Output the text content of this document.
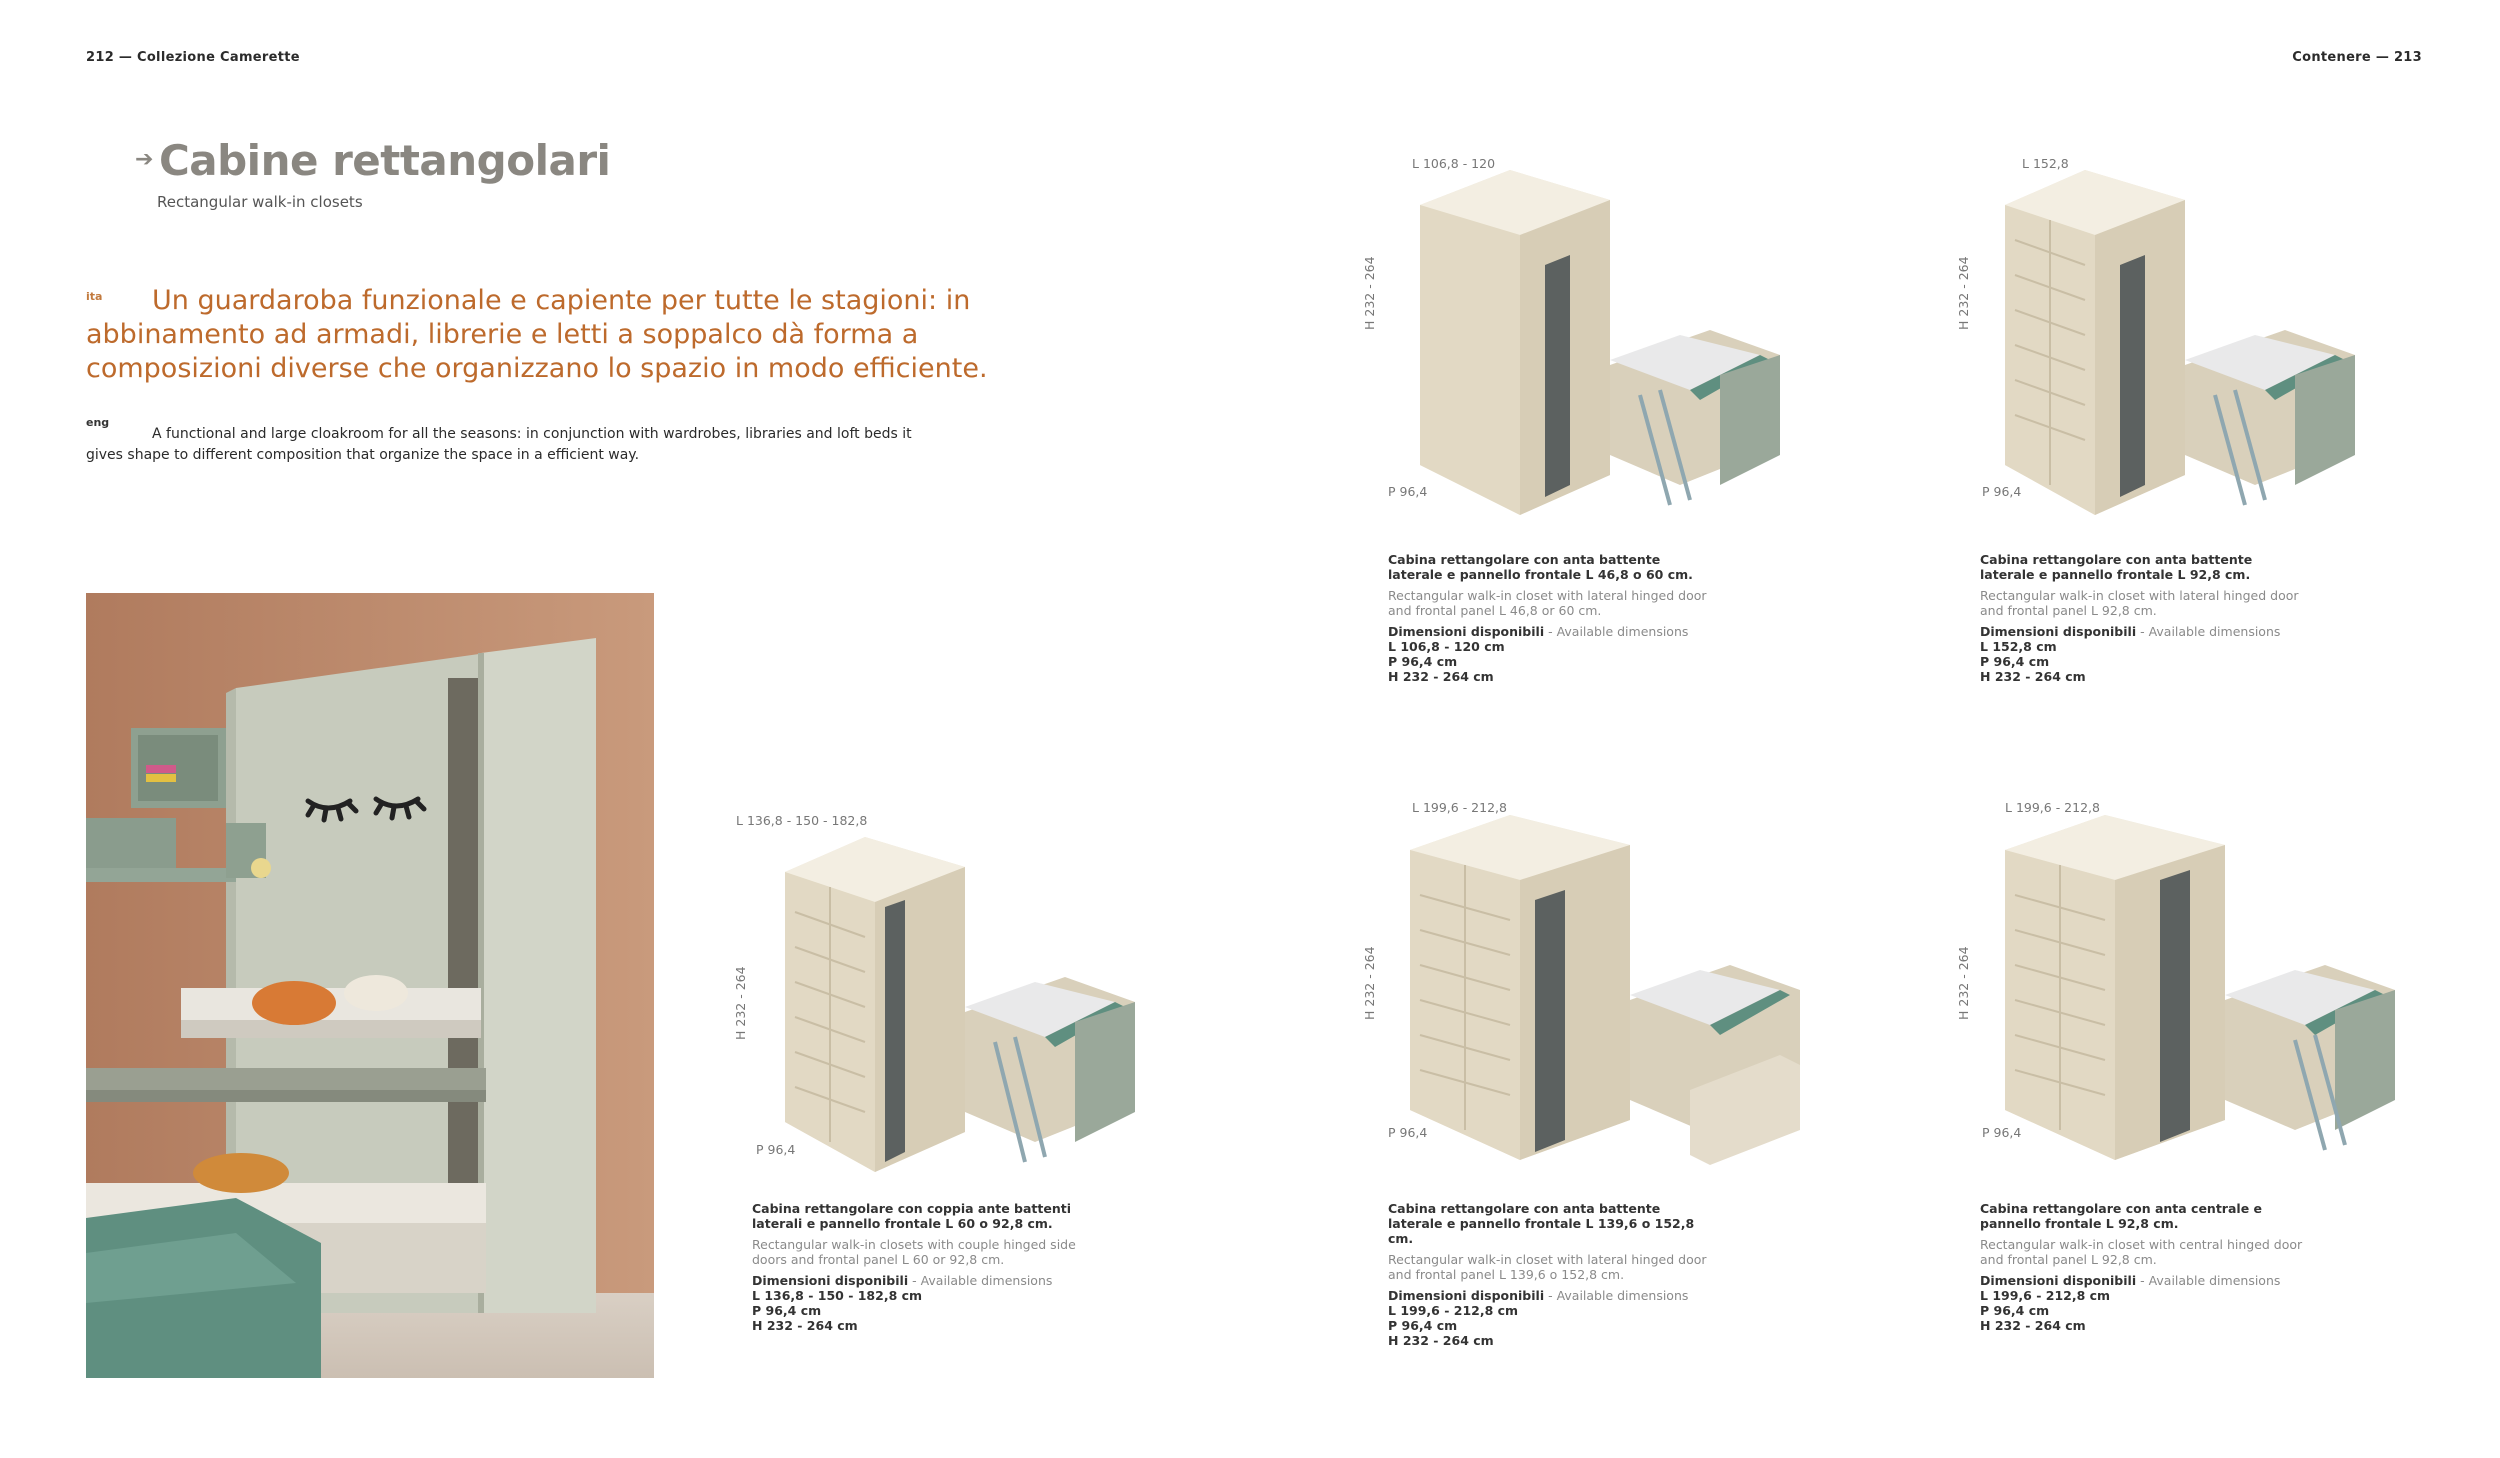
212 — Collezione Camerette	Contenere — 213
➔ Cabine rettangolari
Rectangular walk-in closets
ita	Un guardaroba funzionale e capiente per tutte le stagioni: in abbinamento ad armadi, librerie e letti a soppalco dà forma a composizioni diverse che organizzano lo spazio in modo efficiente.
eng
A functional and large cloakroom for all the seasons: in conjunction with wardrobes, libraries and loft beds it gives shape to different composition that organize the space in a efficient way.
L 106,8 - 120
H 232 - 264
P 96,4
Cabina rettangolare con anta battente laterale e pannello frontale L 46,8 o 60 cm.
Rectangular walk-in closet with lateral hinged door and frontal panel L 46,8 or 60 cm.
Dimensioni disponibili - Available dimensions
L 106,8 - 120 cm
P 96,4 cm
H 232 - 264 cm
L 152,8
H 232 - 264
P 96,4
Cabina rettangolare con anta battente laterale e pannello frontale L 92,8 cm.
Rectangular walk-in closet with lateral hinged door and frontal panel L 92,8 cm.
Dimensioni disponibili - Available dimensions
L 152,8 cm
P 96,4 cm
H 232 - 264 cm
L 136,8 - 150 - 182,8
H 232 - 264
P 96,4
Cabina rettangolare con coppia ante battenti laterali e pannello frontale L 60 o 92,8 cm.
Rectangular walk-in closets with couple hinged side doors and frontal panel L 60 or 92,8 cm.
Dimensioni disponibili - Available dimensions
L 136,8 - 150 - 182,8 cm
P 96,4 cm
H 232 - 264 cm
L 199,6 - 212,8
H 232 - 264
P 96,4
Cabina rettangolare con anta battente laterale e pannello frontale L 139,6 o 152,8 cm.
Rectangular walk-in closet with lateral hinged door and frontal panel L 139,6 o 152,8 cm.
Dimensioni disponibili - Available dimensions
L 199,6 - 212,8 cm
P 96,4 cm
H 232 - 264 cm
L 199,6 - 212,8
H 232 - 264
P 96,4
Cabina rettangolare con anta centrale e pannello frontale L 92,8 cm.
Rectangular walk-in closet with central hinged door and frontal panel L 92,8 cm.
Dimensioni disponibili - Available dimensions
L 199,6 - 212,8 cm
P 96,4 cm
H 232 - 264 cm
